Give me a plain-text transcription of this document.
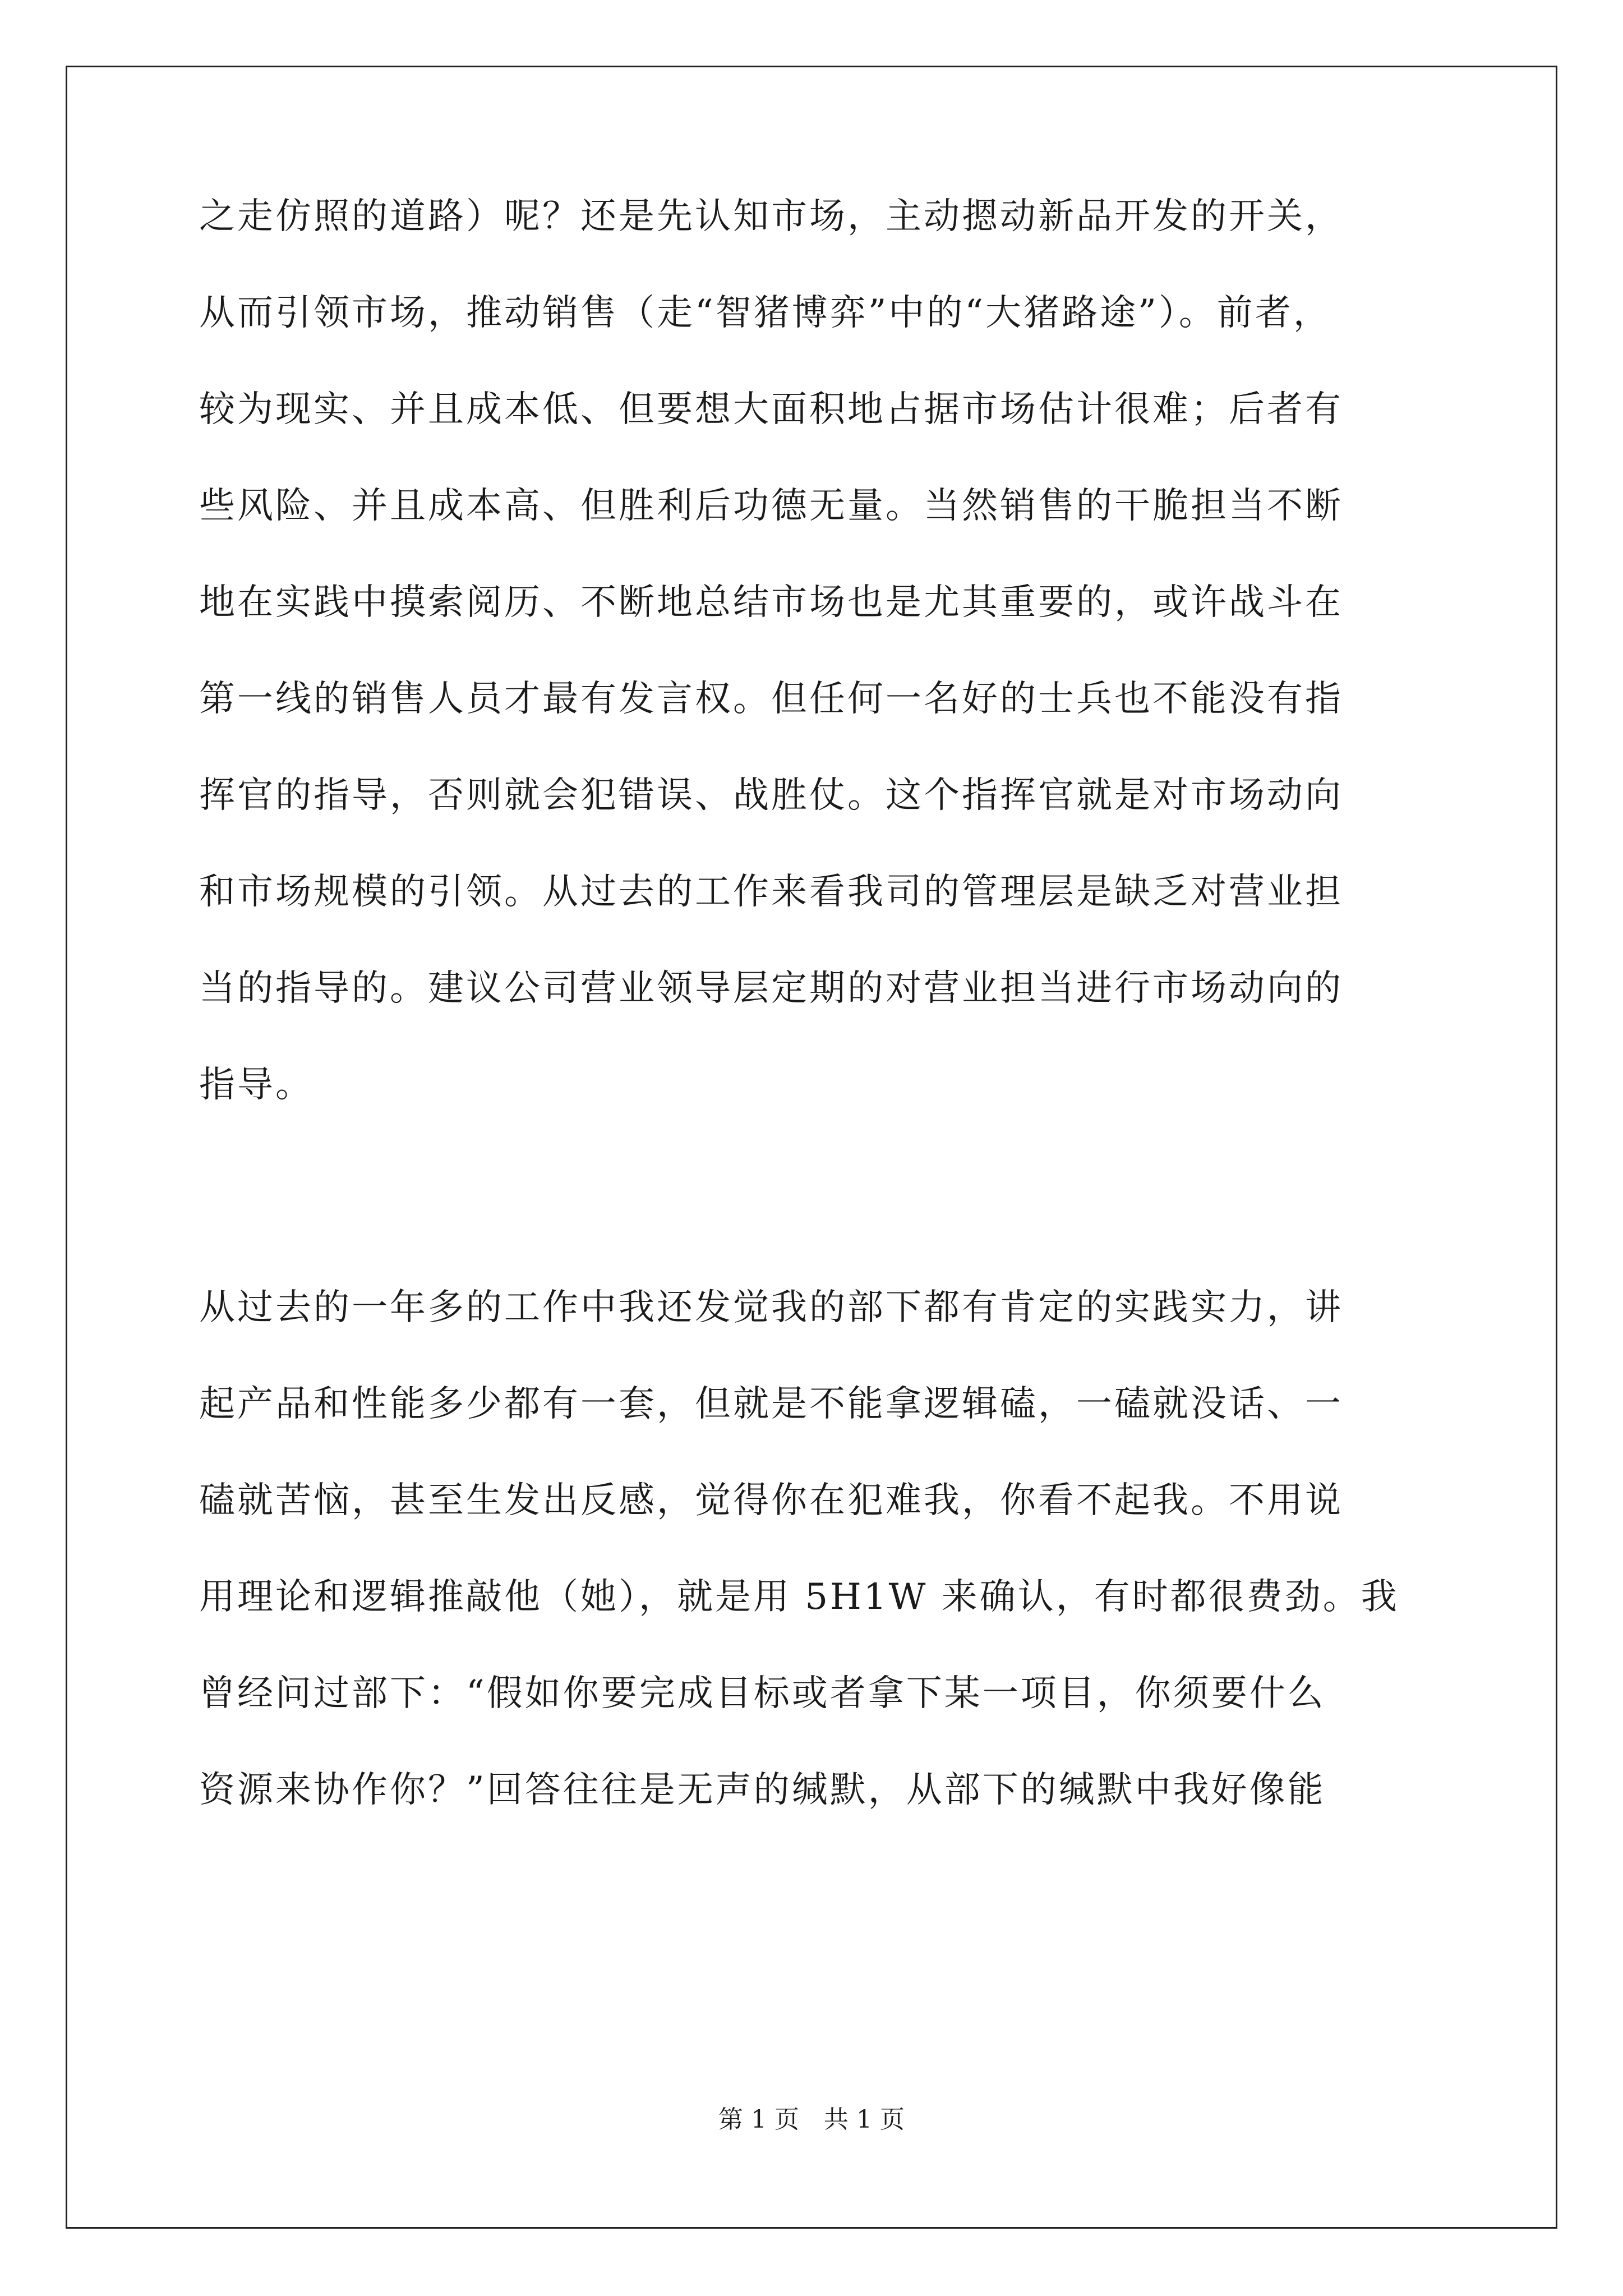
之走仿照的道路）呢？还是先认知市场，主动摁动新品开发的开关，
从而引领市场，推动销售（走“智猪博弈”中的“大猪路途”）。前者，
较为现实、并且成本低、但要想大面积地占据市场估计很难；后者有
些风险、并且成本高、但胜利后功德无量。当然销售的干脆担当不断
地在实践中摸索阅历、不断地总结市场也是尤其重要的，或许战斗在
第一线的销售人员才最有发言权。但任何一名好的士兵也不能没有指
挥官的指导，否则就会犯错误、战胜仗。这个指挥官就是对市场动向
和市场规模的引领。从过去的工作来看我司的管理层是缺乏对营业担
当的指导的。建议公司营业领导层定期的对营业担当进行市场动向的
指导。
从过去的一年多的工作中我还发觉我的部下都有肯定的实践实力，讲
起产品和性能多少都有一套，但就是不能拿逻辑磕，一磕就没话、一
磕就苦恼，甚至生发出反感，觉得你在犯难我，你看不起我。不用说
用理论和逻辑推敲他（她），就是用 5H1W 来确认，有时都很费劲。我
曾经问过部下：“假如你要完成目标或者拿下某一项目，你须要什么
资源来协作你？”回答往往是无声的缄默，从部下的缄默中我好像能
第 1 页　共 1 页
